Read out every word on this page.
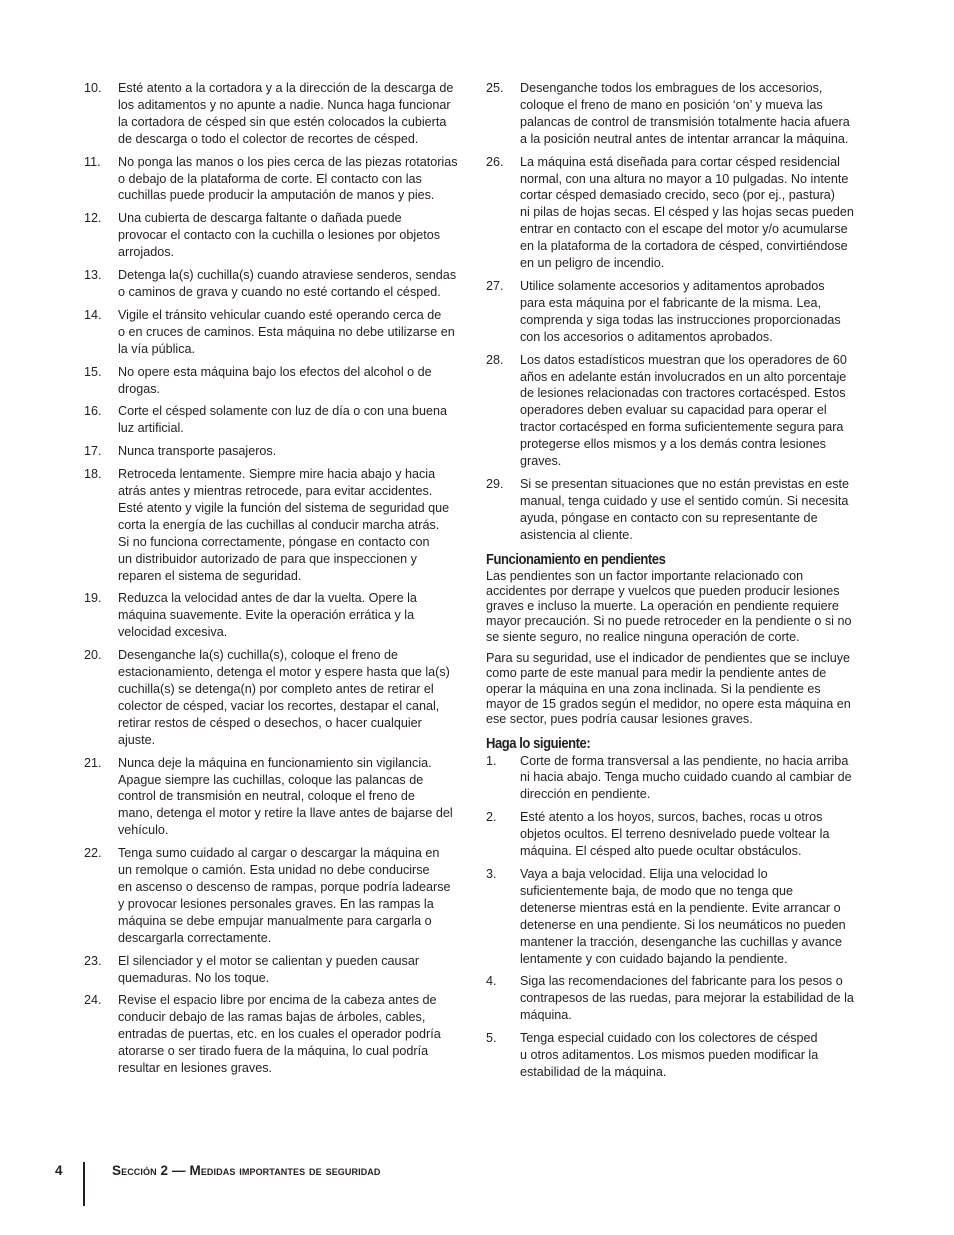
10.	Esté atento a la cortadora y a la dirección de la descarga de
los aditamentos y no apunte a nadie. Nunca haga funcionar
la cortadora de césped sin que estén colocados la cubierta
de descarga o todo el colector de recortes de césped.
11.	No ponga las manos o los pies cerca de las piezas rotatorias
o debajo de la plataforma de corte. El contacto con las
cuchillas puede producir la amputación de manos y pies.
12.	Una cubierta de descarga faltante o dañada puede
provocar el contacto con la cuchilla o lesiones por objetos
arrojados.
13.	Detenga la(s) cuchilla(s) cuando atraviese senderos, sendas
o caminos de grava y cuando no esté cortando el césped.
14.	Vigile el tránsito vehicular cuando esté operando cerca de
o en cruces de caminos. Esta máquina no debe utilizarse en
la vía pública.
15.	No opere esta máquina bajo los efectos del alcohol o de
drogas.
16.	Corte el césped solamente con luz de día o con una buena
luz artificial.
17.	Nunca transporte pasajeros.
18.	Retroceda lentamente. Siempre mire hacia abajo y hacia
atrás antes y mientras retrocede, para evitar accidentes.
Esté atento y vigile la función del sistema de seguridad que
corta la energía de las cuchillas al conducir marcha atrás.
Si no funciona correctamente, póngase en contacto con
un distribuidor autorizado de para que inspeccionen y
reparen el sistema de seguridad.
19.	Reduzca la velocidad antes de dar la vuelta. Opere la
máquina suavemente. Evite la operación errática y la
velocidad excesiva.
20.	Desenganche la(s) cuchilla(s), coloque el freno de
estacionamiento, detenga el motor y espere hasta que la(s)
cuchilla(s) se detenga(n) por completo antes de retirar el
colector de césped, vaciar los recortes, destapar el canal,
retirar restos de césped o desechos, o hacer cualquier
ajuste.
21.	Nunca deje la máquina en funcionamiento sin vigilancia.
Apague siempre las cuchillas, coloque las palancas de
control de transmisión en neutral, coloque el freno de
mano, detenga el motor y retire la llave antes de bajarse del
vehículo.
22.	Tenga sumo cuidado al cargar o descargar la máquina en
un remolque o camión. Esta unidad no debe conducirse
en ascenso o descenso de rampas, porque podría ladearse
y provocar lesiones personales graves. En las rampas la
máquina se debe empujar manualmente para cargarla o
descargarla correctamente.
23.	El silenciador y el motor se calientan y pueden causar
quemaduras. No los toque.
24.	Revise el espacio libre por encima de la cabeza antes de
conducir debajo de las ramas bajas de árboles, cables,
entradas de puertas, etc. en los cuales el operador podría
atorarse o ser tirado fuera de la máquina, lo cual podría
resultar en lesiones graves.
25.	Desenganche todos los embragues de los accesorios,
coloque el freno de mano en posición ‘on’ y mueva las
palancas de control de transmisión totalmente hacia afuera
a la posición neutral antes de intentar arrancar la máquina.
26.	La máquina está diseñada para cortar césped residencial
normal, con una altura no mayor a 10 pulgadas. No intente
cortar césped demasiado crecido, seco (por ej., pastura)
ni pilas de hojas secas. El césped y las hojas secas pueden
entrar en contacto con el escape del motor y/o acumularse
en la plataforma de la cortadora de césped, convirtiéndose
en un peligro de incendio.
27.	Utilice solamente accesorios y aditamentos aprobados
para esta máquina por el fabricante de la misma. Lea,
comprenda y siga todas las instrucciones proporcionadas
con los accesorios o aditamentos aprobados.
28.	Los datos estadísticos muestran que los operadores de 60
años en adelante están involucrados en un alto porcentaje
de lesiones relacionadas con tractores cortacésped. Estos
operadores deben evaluar su capacidad para operar el
tractor cortacésped en forma suficientemente segura para
protegerse ellos mismos y a los demás contra lesiones
graves.
29.	Si se presentan situaciones que no están previstas en este
manual, tenga cuidado y use el sentido común. Si necesita
ayuda, póngase en contacto con su representante de
asistencia al cliente.
Funcionamiento en pendientes
Las pendientes son un factor importante relacionado con
accidentes por derrape y vuelcos que pueden producir lesiones
graves e incluso la muerte. La operación en pendiente requiere
mayor precaución. Si no puede retroceder en la pendiente o si no
se siente seguro, no realice ninguna operación de corte.
Para su seguridad, use el indicador de pendientes que se incluye
como parte de este manual para medir la pendiente antes de
operar la máquina en una zona inclinada. Si la pendiente es
mayor de 15 grados según el medidor, no opere esta máquina en
ese sector, pues podría causar lesiones graves.
Haga lo siguiente:
1.	Corte de forma transversal a las pendiente, no hacia arriba
ni hacia abajo. Tenga mucho cuidado cuando al cambiar de
dirección en pendiente.
2.	Esté atento a los hoyos, surcos, baches, rocas u otros
objetos ocultos. El terreno desnivelado puede voltear la
máquina. El césped alto puede ocultar obstáculos.
3.	Vaya a baja velocidad. Elija una velocidad lo
suficientemente baja, de modo que no tenga que
detenerse mientras está en la pendiente. Evite arrancar o
detenerse en una pendiente. Si los neumáticos no pueden
mantener la tracción, desenganche las cuchillas y avance
lentamente y con cuidado bajando la pendiente.
4.	Siga las recomendaciones del fabricante para los pesos o
contrapesos de las ruedas, para mejorar la estabilidad de la
máquina.
5.	Tenga especial cuidado con los colectores de césped
u otros aditamentos. Los mismos pueden modificar la
estabilidad de la máquina.
4	Sección 2 — Medidas importantes de seguridad
